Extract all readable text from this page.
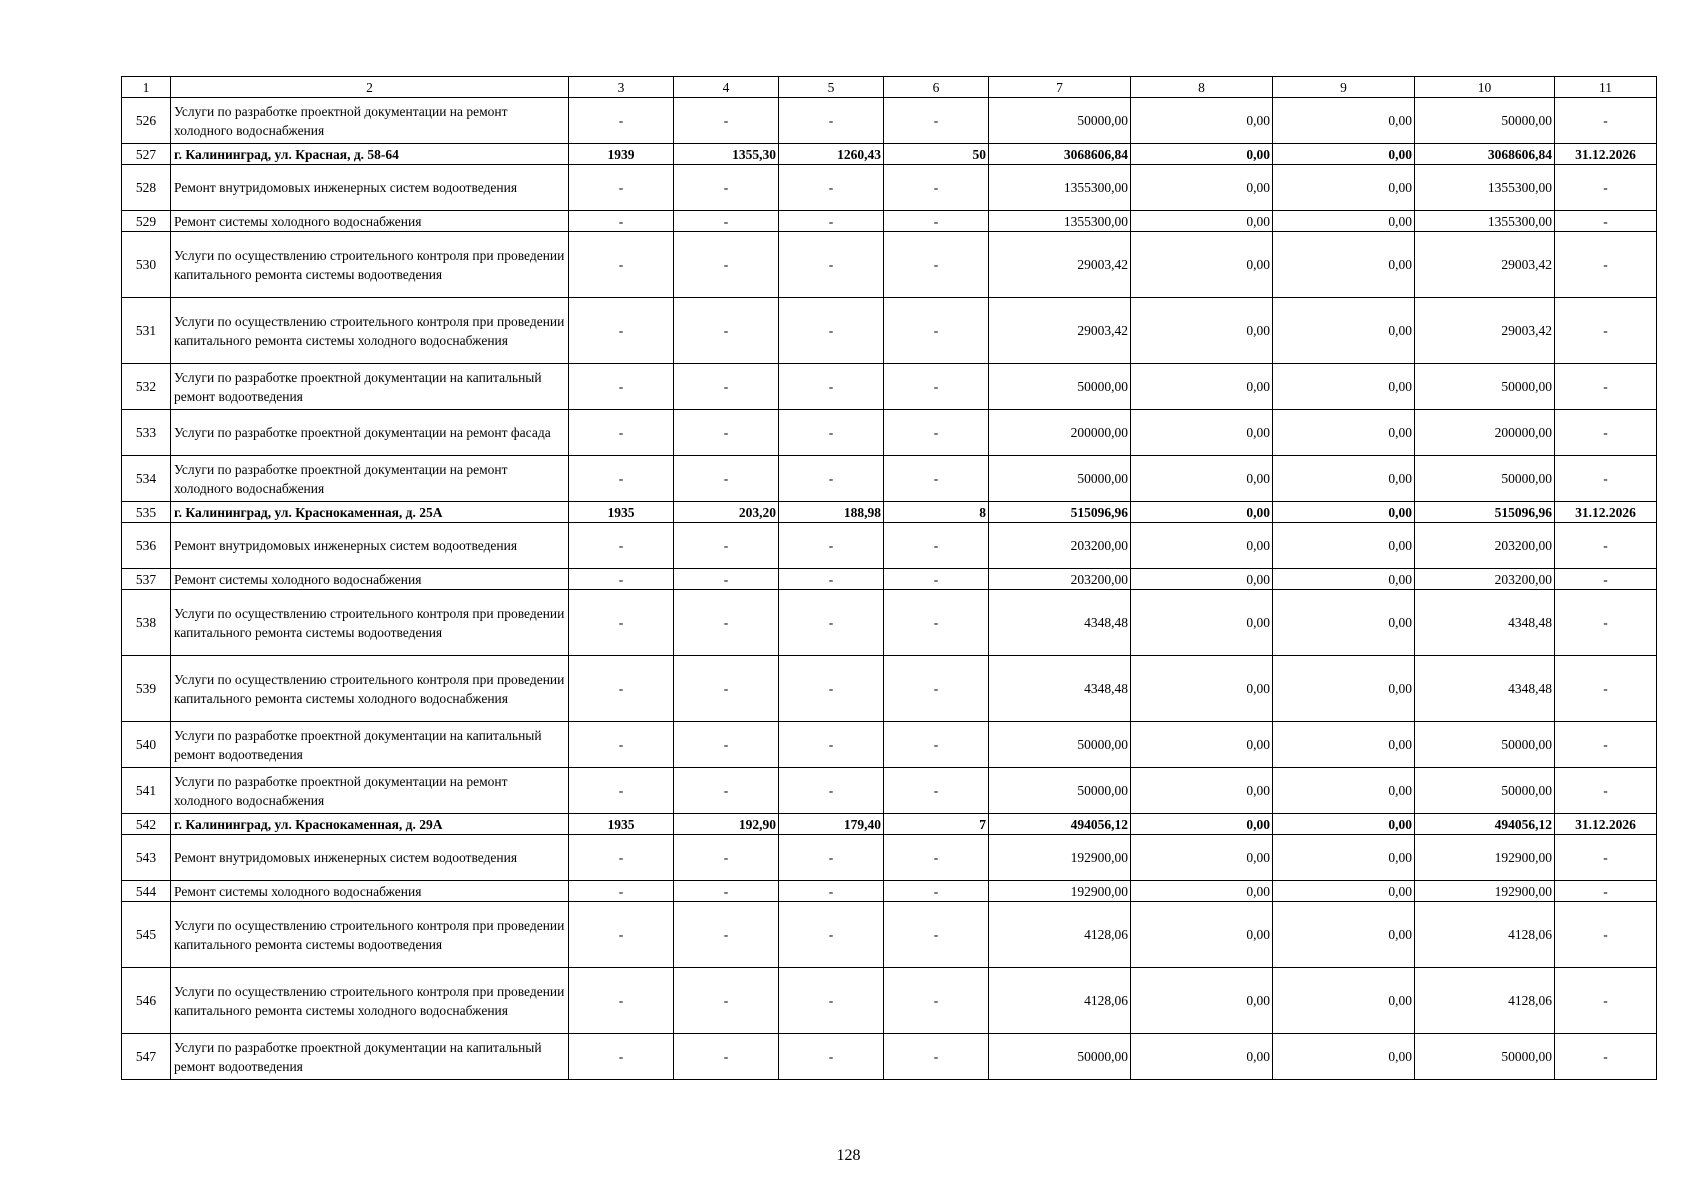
1	2	3	4	5	6	7	8	9	10	11
526	Услуги по разработке проектной документации на ремонт холодного водоснабжения	-	-	-	-	50000,00	0,00	0,00	50000,00	-
527	г. Калининград, ул. Красная, д. 58-64	1939	1355,30	1260,43	50	3068606,84	0,00	0,00	3068606,84	31.12.2026
528	Ремонт внутридомовых инженерных систем водоотведения	-	-	-	-	1355300,00	0,00	0,00	1355300,00	-
529	Ремонт системы холодного водоснабжения	-	-	-	-	1355300,00	0,00	0,00	1355300,00	-
530	Услуги по осуществлению строительного контроля при проведении капитального ремонта системы водоотведения	-	-	-	-	29003,42	0,00	0,00	29003,42	-
531	Услуги по осуществлению строительного контроля при проведении капитального ремонта системы холодного водоснабжения	-	-	-	-	29003,42	0,00	0,00	29003,42	-
532	Услуги по разработке проектной документации на капитальный ремонт водоотведения	-	-	-	-	50000,00	0,00	0,00	50000,00	-
533	Услуги по разработке проектной документации на ремонт фасада	-	-	-	-	200000,00	0,00	0,00	200000,00	-
534	Услуги по разработке проектной документации на ремонт холодного водоснабжения	-	-	-	-	50000,00	0,00	0,00	50000,00	-
535	г. Калининград, ул. Краснокаменная, д. 25А	1935	203,20	188,98	8	515096,96	0,00	0,00	515096,96	31.12.2026
536	Ремонт внутридомовых инженерных систем водоотведения	-	-	-	-	203200,00	0,00	0,00	203200,00	-
537	Ремонт системы холодного водоснабжения	-	-	-	-	203200,00	0,00	0,00	203200,00	-
538	Услуги по осуществлению строительного контроля при проведении капитального ремонта системы водоотведения	-	-	-	-	4348,48	0,00	0,00	4348,48	-
539	Услуги по осуществлению строительного контроля при проведении капитального ремонта системы холодного водоснабжения	-	-	-	-	4348,48	0,00	0,00	4348,48	-
540	Услуги по разработке проектной документации на капитальный ремонт водоотведения	-	-	-	-	50000,00	0,00	0,00	50000,00	-
541	Услуги по разработке проектной документации на ремонт холодного водоснабжения	-	-	-	-	50000,00	0,00	0,00	50000,00	-
542	г. Калининград, ул. Краснокаменная, д. 29А	1935	192,90	179,40	7	494056,12	0,00	0,00	494056,12	31.12.2026
543	Ремонт внутридомовых инженерных систем водоотведения	-	-	-	-	192900,00	0,00	0,00	192900,00	-
544	Ремонт системы холодного водоснабжения	-	-	-	-	192900,00	0,00	0,00	192900,00	-
545	Услуги по осуществлению строительного контроля при проведении капитального ремонта системы водоотведения	-	-	-	-	4128,06	0,00	0,00	4128,06	-
546	Услуги по осуществлению строительного контроля при проведении капитального ремонта системы холодного водоснабжения	-	-	-	-	4128,06	0,00	0,00	4128,06	-
547	Услуги по разработке проектной документации на капитальный ремонт водоотведения	-	-	-	-	50000,00	0,00	0,00	50000,00	-
128
